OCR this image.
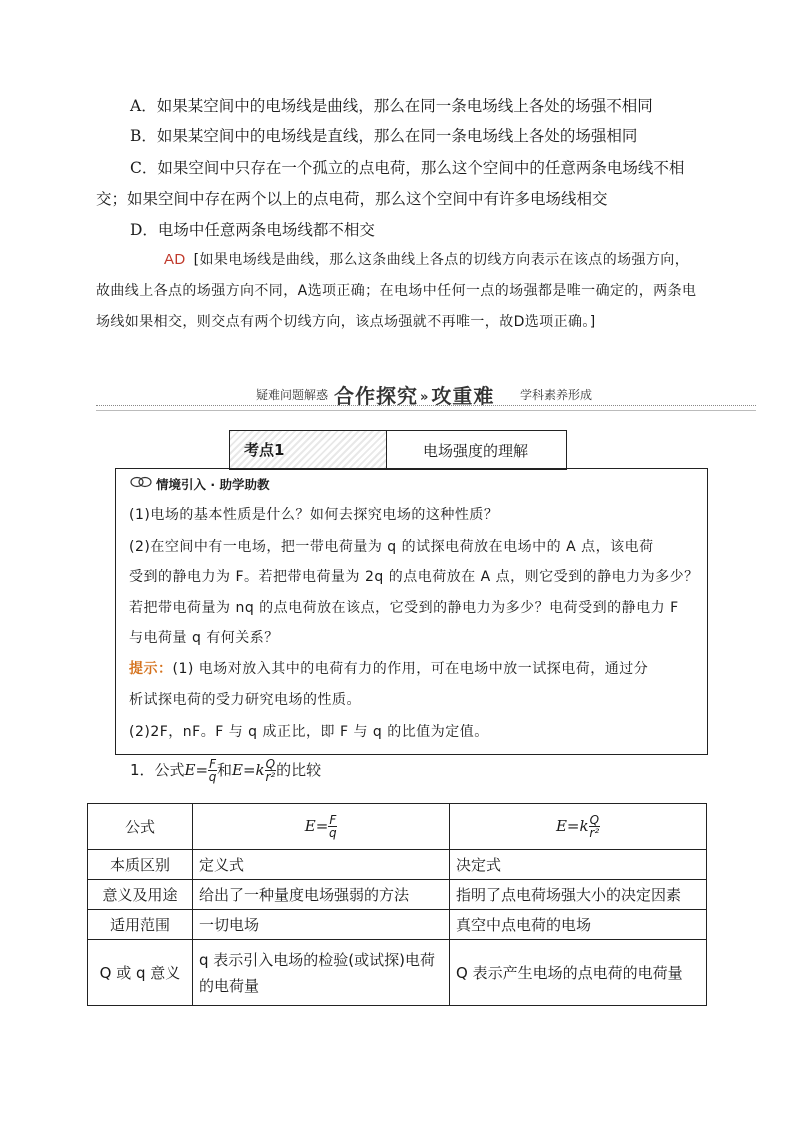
A．如果某空间中的电场线是曲线，那么在同一条电场线上各处的场强不相同
B．如果某空间中的电场线是直线，那么在同一条电场线上各处的场强相同
C．如果空间中只存在一个孤立的点电荷，那么这个空间中的任意两条电场线不相
交；如果空间中存在两个以上的点电荷，那么这个空间中有许多电场线相交
D．电场中任意两条电场线都不相交
AD [如果电场线是曲线，那么这条曲线上各点的切线方向表示在该点的场强方向，故曲线上各点的场强方向不同，A选项正确；在电场中任何一点的场强都是唯一确定的，两条电场线如果相交，则交点有两个切线方向，该点场强就不再唯一，故D选项正确。]
疑难问题解惑 合作探究 » 攻重难 学科素养形成
考点1	电场强度的理解
情境引入 · 助学助教
(1)电场的基本性质是什么？如何去探究电场的这种性质？
(2)在空间中有一电场，把一带电荷量为 q 的试探电荷放在电场中的 A 点，该电荷
受到的静电力为 F。若把带电荷量为 2q 的点电荷放在 A 点，则它受到的静电力为多少？
若把带电荷量为 nq 的点电荷放在该点，它受到的静电力为多少？电荷受到的静电力 F
与电荷量 q 有何关系？
提示：(1) 电场对放入其中的电荷有力的作用，可在电场中放一试探电荷，通过分
析试探电荷的受力研究电场的性质。
(2)2F，nF。F 与 q 成正比，即 F 与 q 的比值为定值。
1．公式$E= \frac{F}{q}$ 和$E=k \frac{Q}{\text{r²}}$ 的比较
公式	$E= \frac{F}{q}$	$E=k \frac{Q}{\text{r²}}$

本质区别	定义式	决定式
意义及用途	给出了一种量度电场强弱的方法	指明了点电荷场强大小的决定因素
适用范围	一切电场	真空中点电荷的电场
Q 或 q 意义	q 表示引入电场的检验(或试探)电荷的电荷量	Q 表示产生电场的点电荷的电荷量
